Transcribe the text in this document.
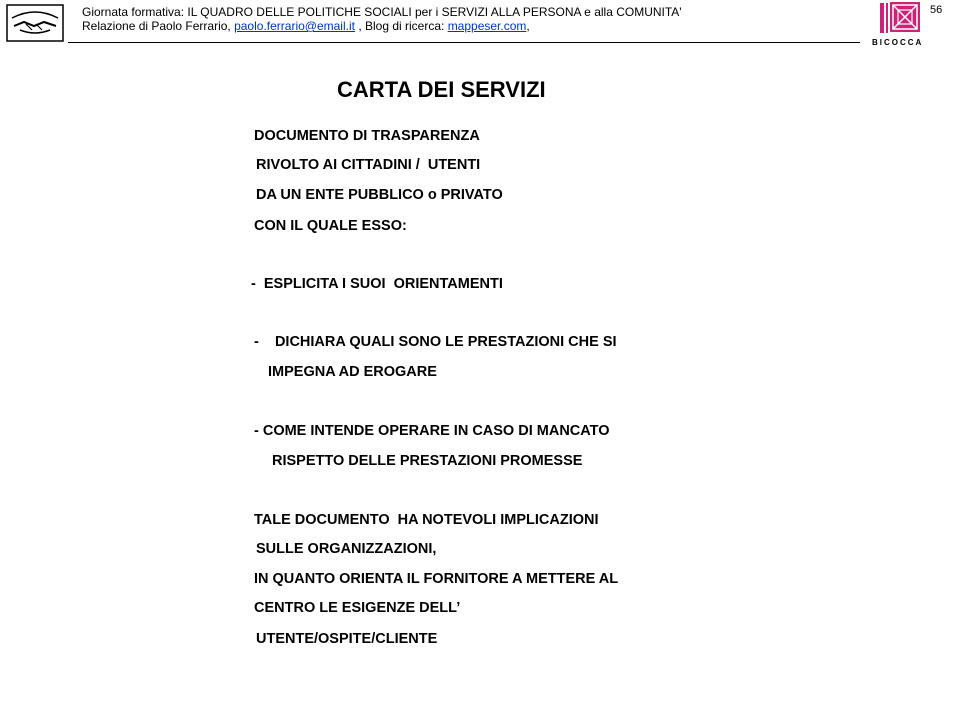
Giornata formativa: IL QUADRO DELLE POLITICHE SOCIALI per i SERVIZI ALLA PERSONA e alla COMUNITA'
Relazione di Paolo Ferrario, paolo.ferrario@email.it , Blog di ricerca: mappeser.com,
BICOCCA
56
CARTA DEI SERVIZI
DOCUMENTO DI TRASPARENZA
RIVOLTO AI CITTADINI /  UTENTI
DA UN ENTE PUBBLICO o PRIVATO
CON IL QUALE ESSO:
-  ESPLICITA I SUOI  ORIENTAMENTI
-    DICHIARA QUALI SONO LE PRESTAZIONI CHE SI
IMPEGNA AD EROGARE
- COME INTENDE OPERARE IN CASO DI MANCATO
RISPETTO DELLE PRESTAZIONI PROMESSE
TALE DOCUMENTO  HA NOTEVOLI IMPLICAZIONI
SULLE ORGANIZZAZIONI,
IN QUANTO ORIENTA IL FORNITORE A METTERE AL
CENTRO LE ESIGENZE DELL’
UTENTE/OSPITE/CLIENTE
